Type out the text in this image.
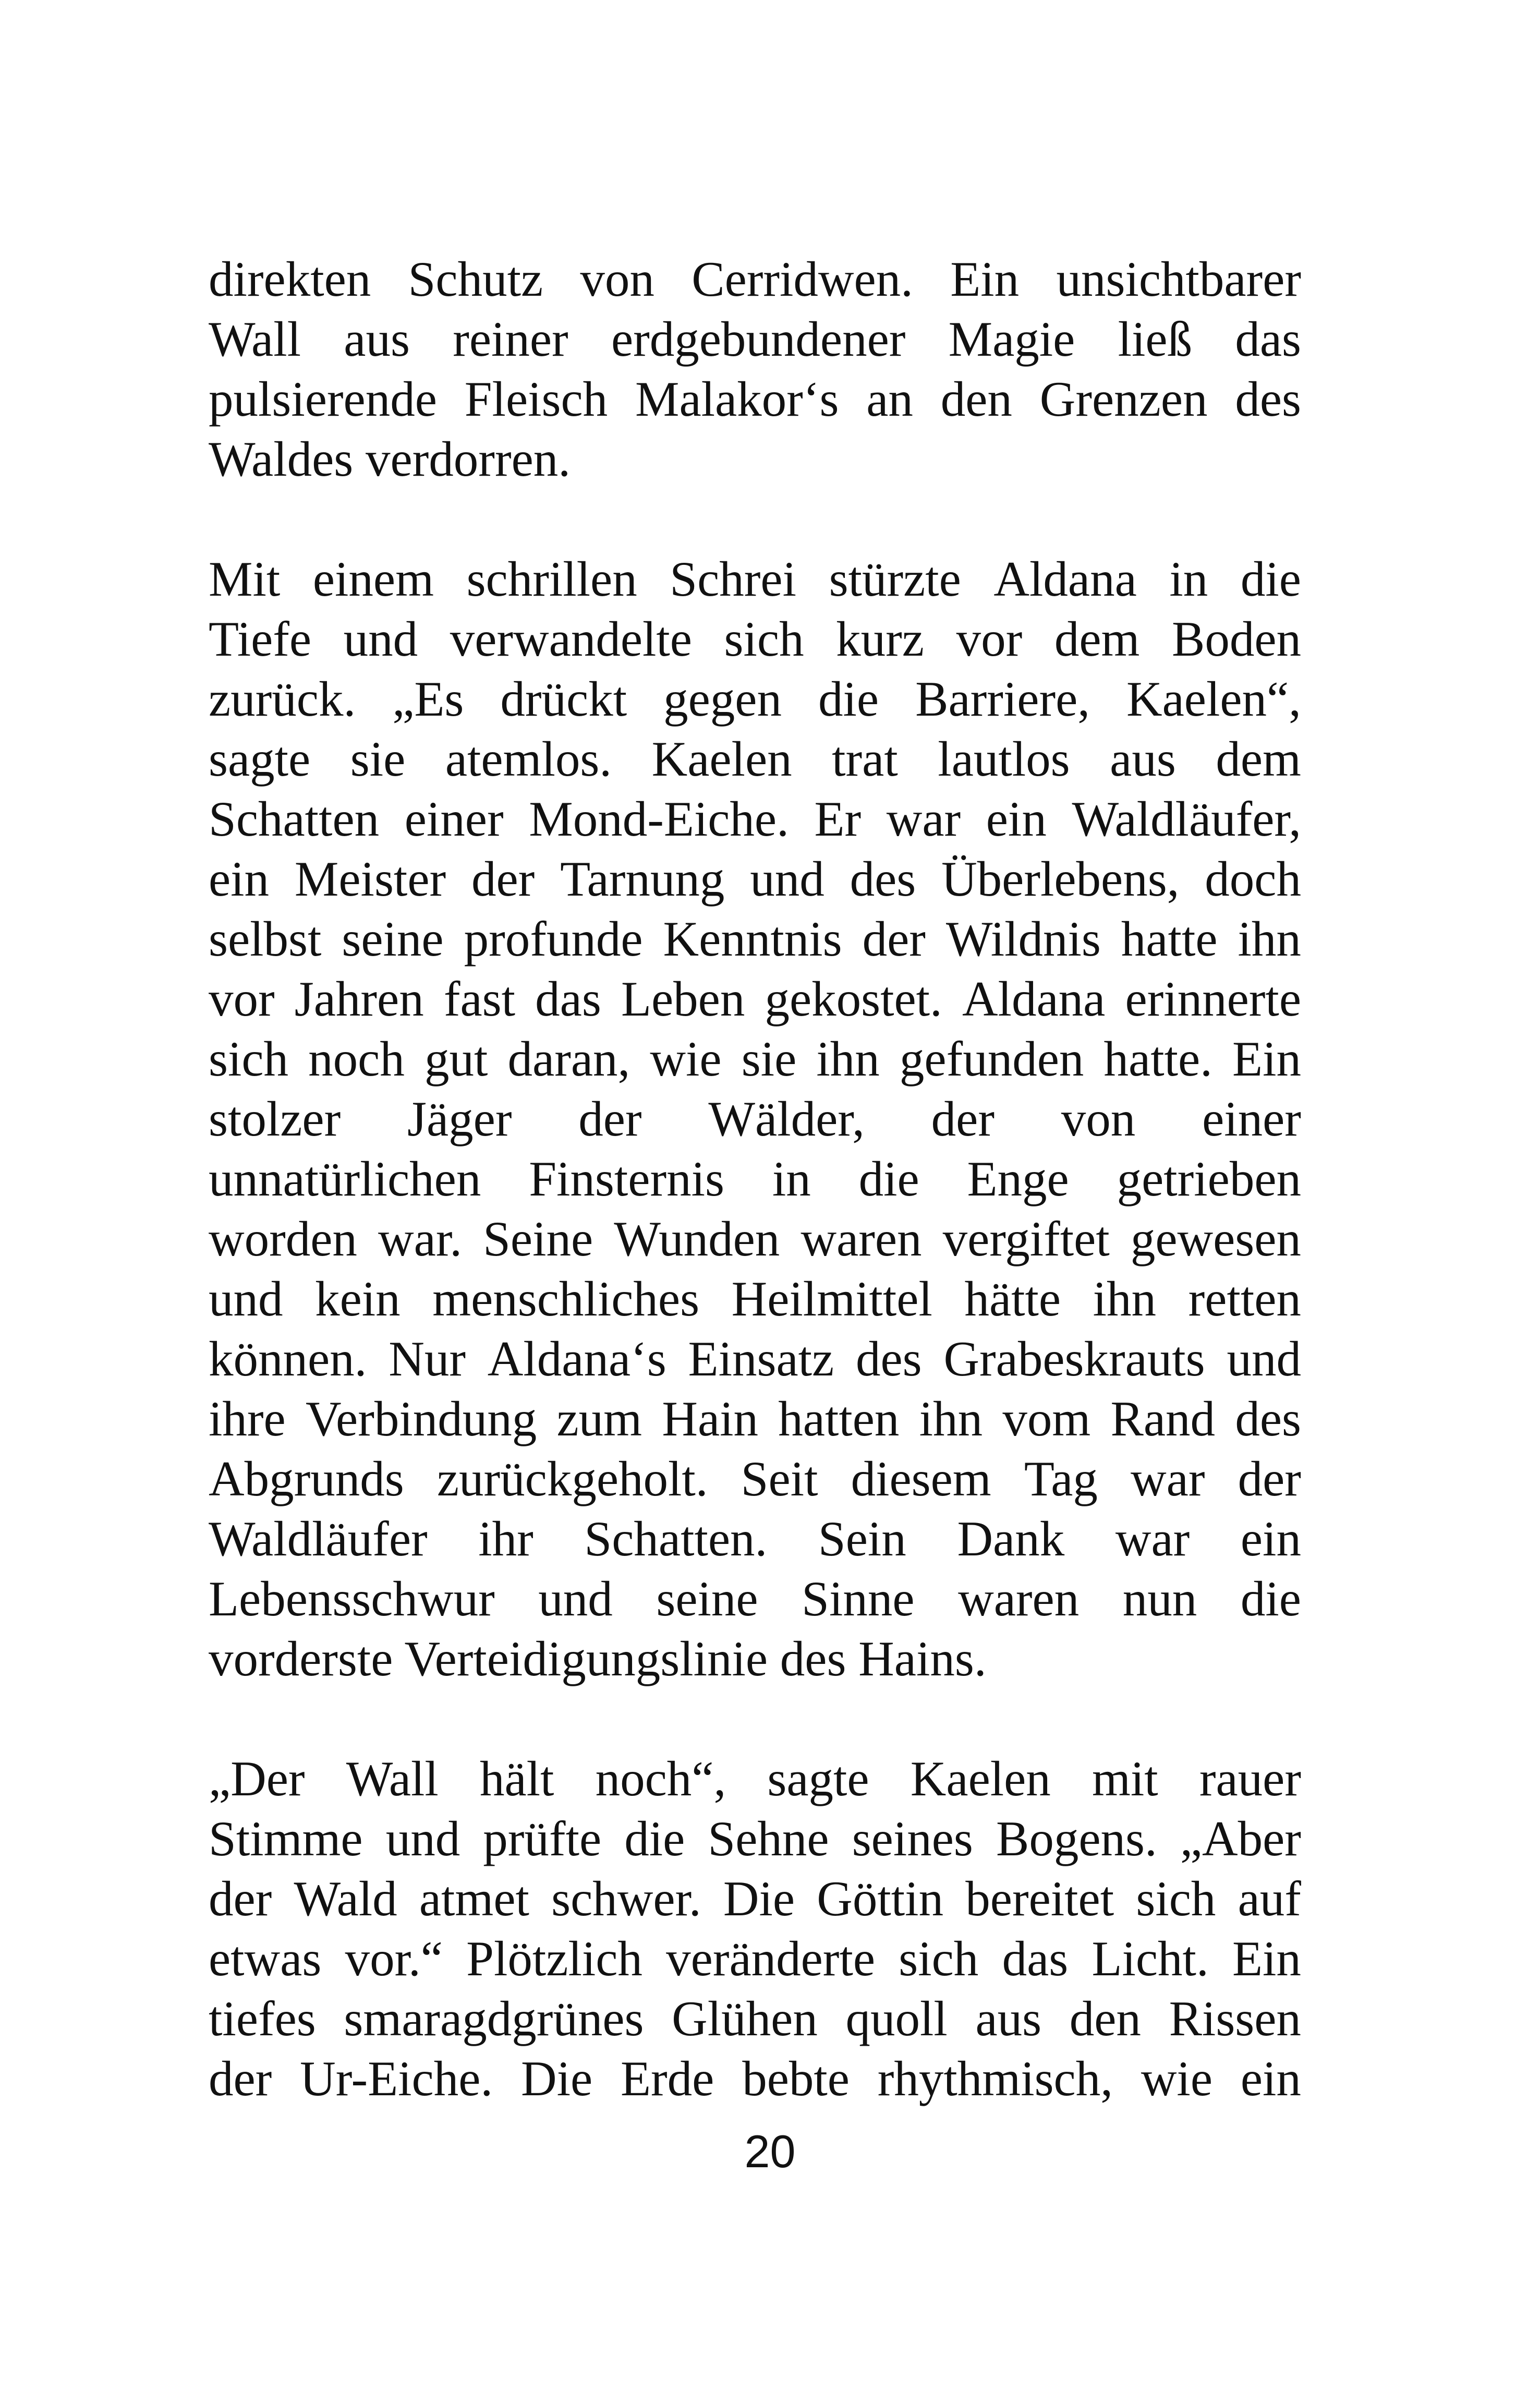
direkten Schutz von Cerridwen. Ein unsichtbarer
Wall aus reiner erdgebundener Magie ließ das
pulsierende Fleisch Malakor‘s an den Grenzen des
Waldes verdorren.
Mit einem schrillen Schrei stürzte Aldana in die
Tiefe und verwandelte sich kurz vor dem Boden
zurück. „Es drückt gegen die Barriere, Kaelen“,
sagte sie atemlos. Kaelen trat lautlos aus dem
Schatten einer Mond-Eiche. Er war ein Waldläufer,
ein Meister der Tarnung und des Überlebens, doch
selbst seine profunde Kenntnis der Wildnis hatte ihn
vor Jahren fast das Leben gekostet. Aldana erinnerte
sich noch gut daran, wie sie ihn gefunden hatte. Ein
stolzer Jäger der Wälder, der von einer
unnatürlichen Finsternis in die Enge getrieben
worden war. Seine Wunden waren vergiftet gewesen
und kein menschliches Heilmittel hätte ihn retten
können. Nur Aldana‘s Einsatz des Grabeskrauts und
ihre Verbindung zum Hain hatten ihn vom Rand des
Abgrunds zurückgeholt. Seit diesem Tag war der
Waldläufer ihr Schatten. Sein Dank war ein
Lebensschwur und seine Sinne waren nun die
vorderste Verteidigungslinie des Hains.
„Der Wall hält noch“, sagte Kaelen mit rauer
Stimme und prüfte die Sehne seines Bogens. „Aber
der Wald atmet schwer. Die Göttin bereitet sich auf
etwas vor.“ Plötzlich veränderte sich das Licht. Ein
tiefes smaragdgrünes Glühen quoll aus den Rissen
der Ur-Eiche. Die Erde bebte rhythmisch, wie ein
20
